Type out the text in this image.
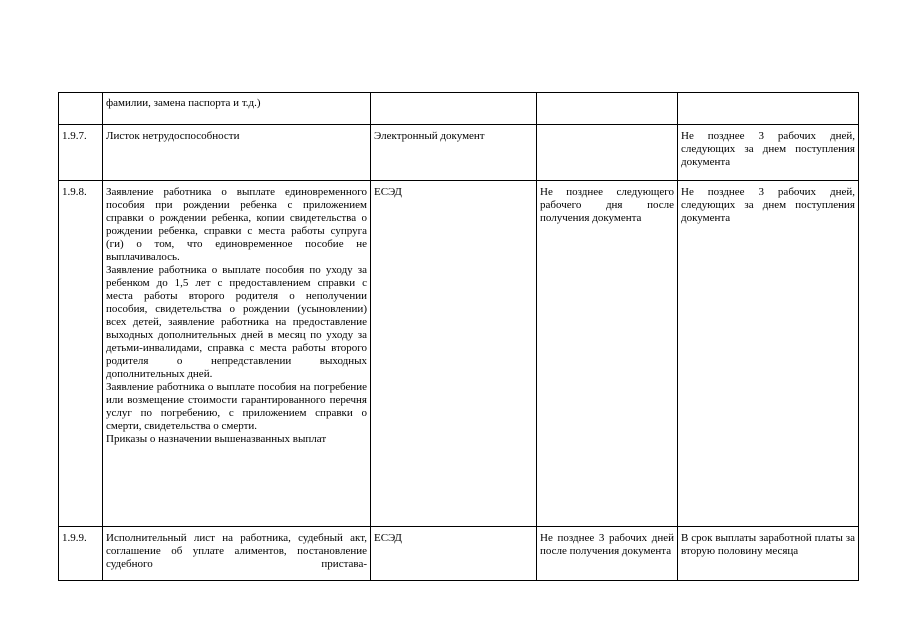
	фамилии, замена паспорта и т.д.)			

1.9.7.	Листок нетрудоспособности	Электронный документ		Не позднее 3 рабочих дней, следующих за днем поступления документа

1.9.8.	Заявление работника о выплате единовременного пособия при рождении ребенка с приложением справки о рождении ребенка, копии свидетельства о рождении ребенка, справки с места работы супруга (ги) о том, что единовременное пособие не выплачивалось.
Заявление работника о выплате пособия по уходу за ребенком до 1,5 лет с предоставлением справки с места работы второго родителя о неполучении пособия, свидетельства о рождении (усыновлении) всех детей, заявление работника на предоставление выходных дополнительных дней в месяц по уходу за детьми-инвалидами, справка с места работы второго родителя о непредставлении выходных дополнительных дней.
Заявление работника о выплате пособия на погребение или возмещение стоимости гарантированного перечня услуг по погребению, с приложением справки о смерти, свидетельства о смерти.
Приказы о назначении вышеназванных выплат	ЕСЭД	Не позднее следующего рабочего дня после получения документа	Не позднее 3 рабочих дней, следующих за днем поступления документа

1.9.9.	Исполнительный лист на работника, судебный акт, соглашение об уплате алиментов, постановление судебного пристава-	ЕСЭД	Не позднее 3 рабочих дней после получения документа	В срок выплаты заработной платы за вторую половину месяца
